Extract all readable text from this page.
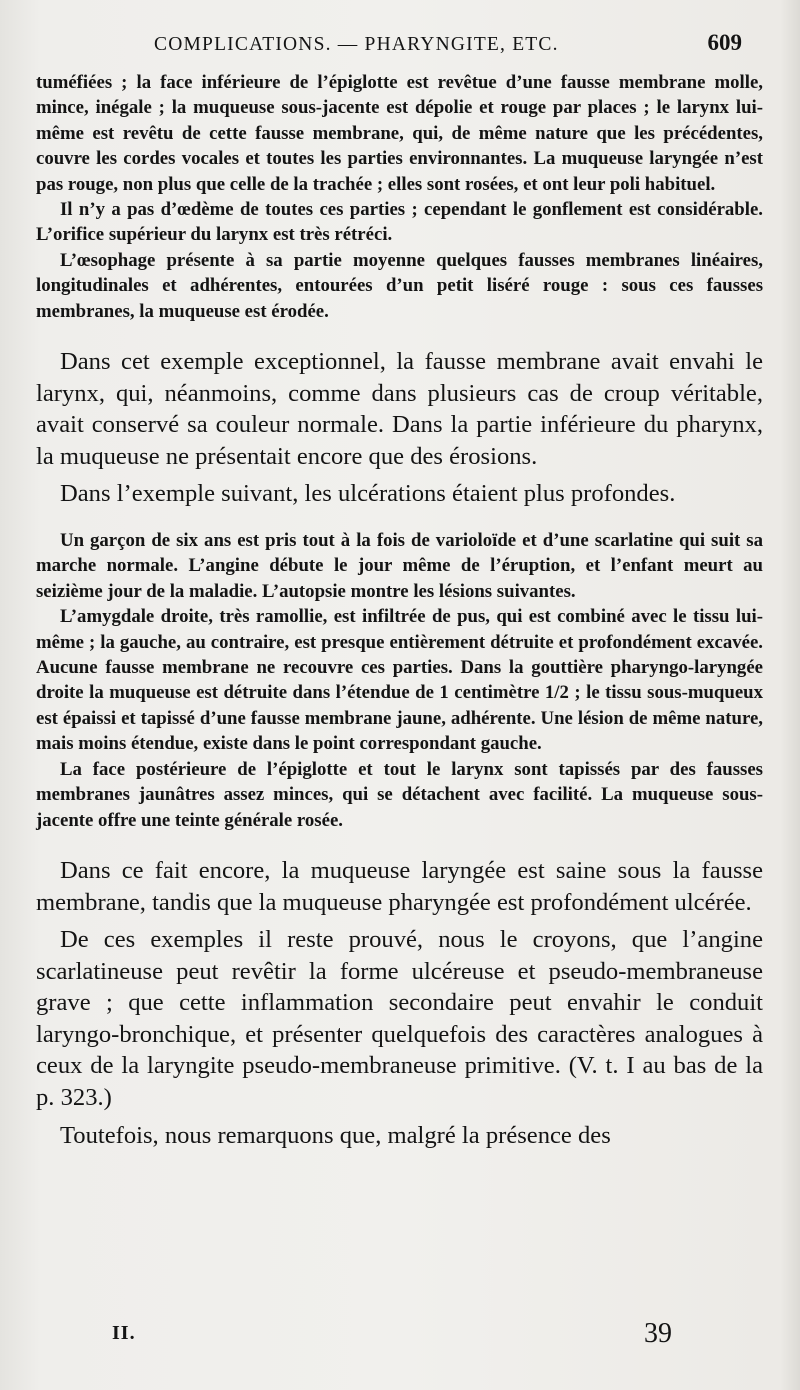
COMPLICATIONS. — PHARYNGITE, ETC.	609

tuméfiées ; la face inférieure de l’épiglotte est revêtue d’une fausse membrane molle, mince, inégale ; la muqueuse sous-jacente est dépolie et rouge par places ; le larynx lui-même est revêtu de cette fausse membrane, qui, de même nature que les précédentes, couvre les cordes vocales et toutes les parties environnantes. La muqueuse laryngée n’est pas rouge, non plus que celle de la trachée ; elles sont rosées, et ont leur poli habituel.

Il n’y a pas d’œdème de toutes ces parties ; cependant le gonflement est considérable. L’orifice supérieur du larynx est très rétréci.

L’œsophage présente à sa partie moyenne quelques fausses membranes linéaires, longitudinales et adhérentes, entourées d’un petit liséré rouge : sous ces fausses membranes, la muqueuse est érodée.

Dans cet exemple exceptionnel, la fausse membrane avait envahi le larynx, qui, néanmoins, comme dans plusieurs cas de croup véritable, avait conservé sa couleur normale. Dans la partie inférieure du pharynx, la muqueuse ne présentait encore que des érosions.

Dans l’exemple suivant, les ulcérations étaient plus profondes.

Un garçon de six ans est pris tout à la fois de varioloïde et d’une scarlatine qui suit sa marche normale. L’angine débute le jour même de l’éruption, et l’enfant meurt au seizième jour de la maladie. L’autopsie montre les lésions suivantes.

L’amygdale droite, très ramollie, est infiltrée de pus, qui est combiné avec le tissu lui-même ; la gauche, au contraire, est presque entièrement détruite et profondément excavée. Aucune fausse membrane ne recouvre ces parties. Dans la gouttière pharyngo-laryngée droite la muqueuse est détruite dans l’étendue de 1 centimètre 1/2 ; le tissu sous-muqueux est épaissi et tapissé d’une fausse membrane jaune, adhérente. Une lésion de même nature, mais moins étendue, existe dans le point correspondant gauche.

La face postérieure de l’épiglotte et tout le larynx sont tapissés par des fausses membranes jaunâtres assez minces, qui se détachent avec facilité. La muqueuse sous-jacente offre une teinte générale rosée.

Dans ce fait encore, la muqueuse laryngée est saine sous la fausse membrane, tandis que la muqueuse pharyngée est profondément ulcérée.

De ces exemples il reste prouvé, nous le croyons, que l’angine scarlatineuse peut revêtir la forme ulcéreuse et pseudo-membraneuse grave ; que cette inflammation secondaire peut envahir le conduit laryngo-bronchique, et présenter quelquefois des caractères analogues à ceux de la laryngite pseudo-membraneuse primitive. (V. t. I au bas de la p. 323.)

Toutefois, nous remarquons que, malgré la présence des

II.	39
